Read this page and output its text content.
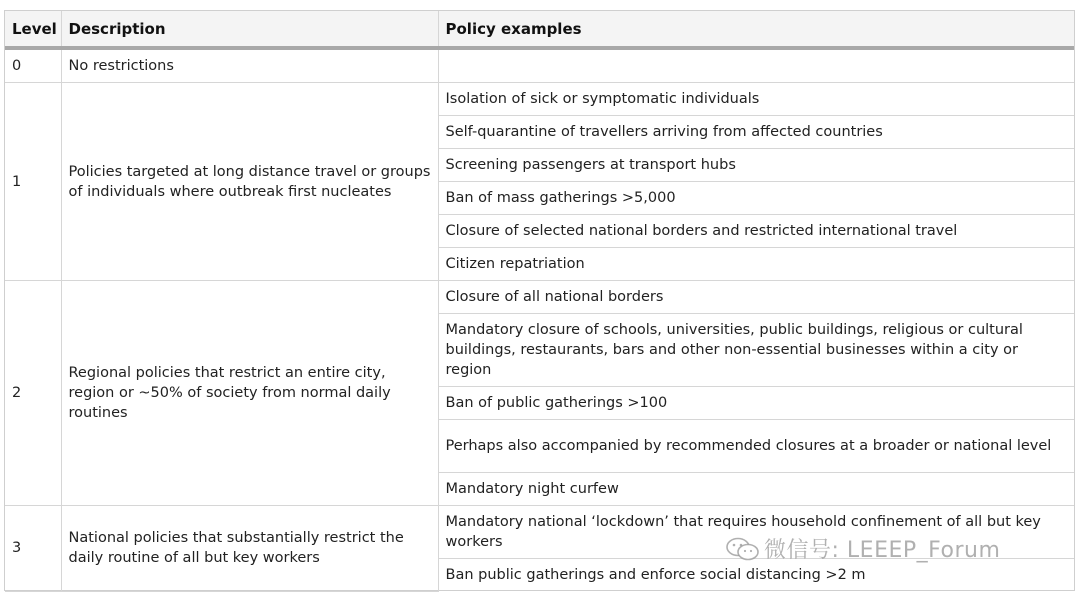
Level	Description	Policy examples
0	No restrictions	
1	Policies targeted at long distance travel or groups of individuals where outbreak first nucleates	Isolation of sick or symptomatic individuals
		Self-quarantine of travellers arriving from affected countries
		Screening passengers at transport hubs
		Ban of mass gatherings >5,000
		Closure of selected national borders and restricted international travel
		Citizen repatriation
2	Regional policies that restrict an entire city, region or ~50% of society from normal daily routines	Closure of all national borders
		Mandatory closure of schools, universities, public buildings, religious or cultural buildings, restaurants, bars and other non-essential businesses within a city or region
		Ban of public gatherings >100
		Perhaps also accompanied by recommended closures at a broader or national level
		Mandatory night curfew
3	National policies that substantially restrict the daily routine of all but key workers	Mandatory national ‘lockdown’ that requires household confinement of all but key workers
		Ban public gatherings and enforce social distancing >2 m
微信号: LEEEP_Forum
